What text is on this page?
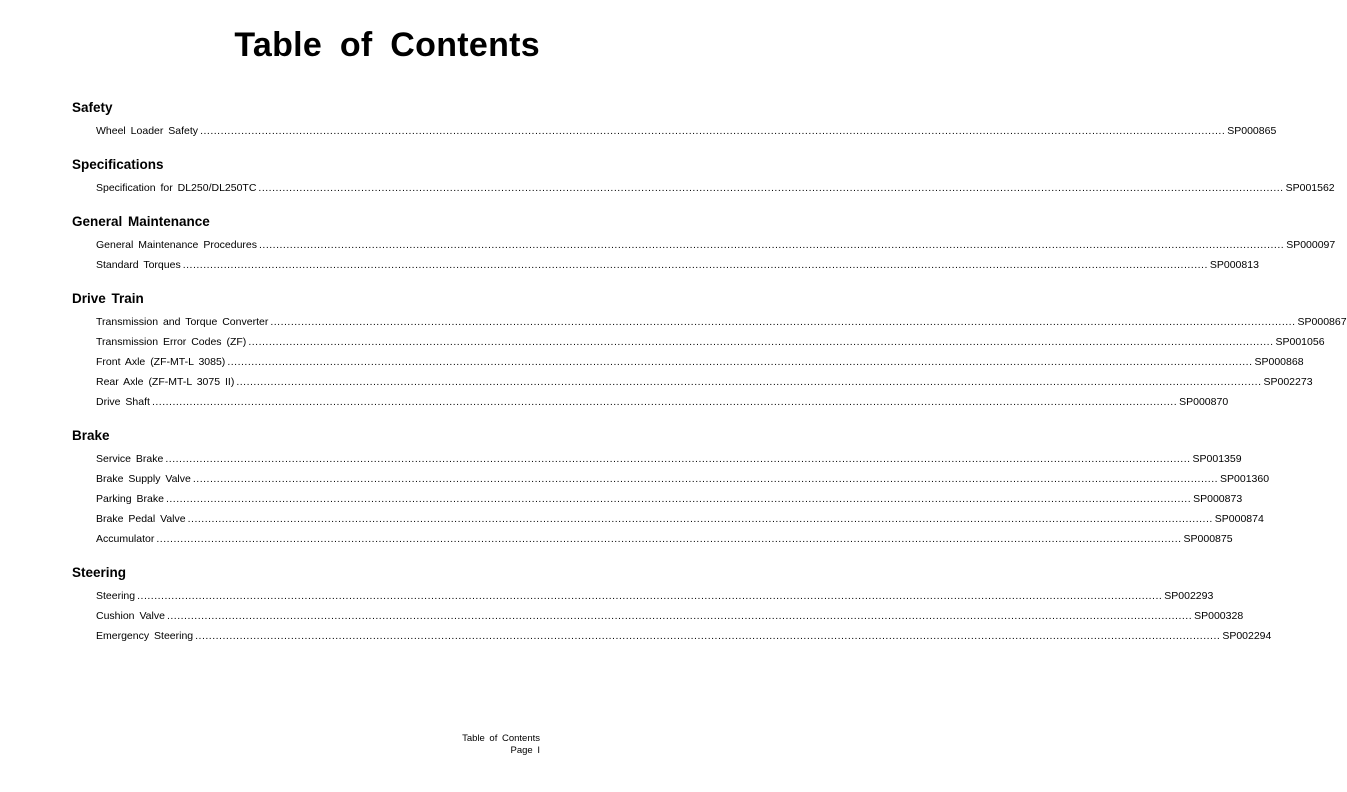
Table of Contents
Safety
Wheel Loader Safety ............................................................................................................................................................................................................................................................................................................ SP000865
Specifications
Specification for DL250/DL250TC ............................................................................................................................................................................................................................................................................................................ SP001562
General Maintenance
General Maintenance Procedures ............................................................................................................................................................................................................................................................................................................ SP000097
Standard Torques ............................................................................................................................................................................................................................................................................................................ SP000813
Drive Train
Transmission and Torque Converter ............................................................................................................................................................................................................................................................................................................ SP000867
Transmission Error Codes (ZF) ............................................................................................................................................................................................................................................................................................................ SP001056
Front Axle (ZF-MT-L 3085) ............................................................................................................................................................................................................................................................................................................ SP000868
Rear Axle (ZF-MT-L 3075 II) ............................................................................................................................................................................................................................................................................................................ SP002273
Drive Shaft ............................................................................................................................................................................................................................................................................................................ SP000870
Brake
Service Brake ............................................................................................................................................................................................................................................................................................................ SP001359
Brake Supply Valve ............................................................................................................................................................................................................................................................................................................ SP001360
Parking Brake ............................................................................................................................................................................................................................................................................................................ SP000873
Brake Pedal Valve ............................................................................................................................................................................................................................................................................................................ SP000874
Accumulator ............................................................................................................................................................................................................................................................................................................ SP000875
Steering
Steering ............................................................................................................................................................................................................................................................................................................ SP002293
Cushion Valve ............................................................................................................................................................................................................................................................................................................ SP000328
Emergency Steering ............................................................................................................................................................................................................................................................................................................ SP002294
Table of Contents
Page I
